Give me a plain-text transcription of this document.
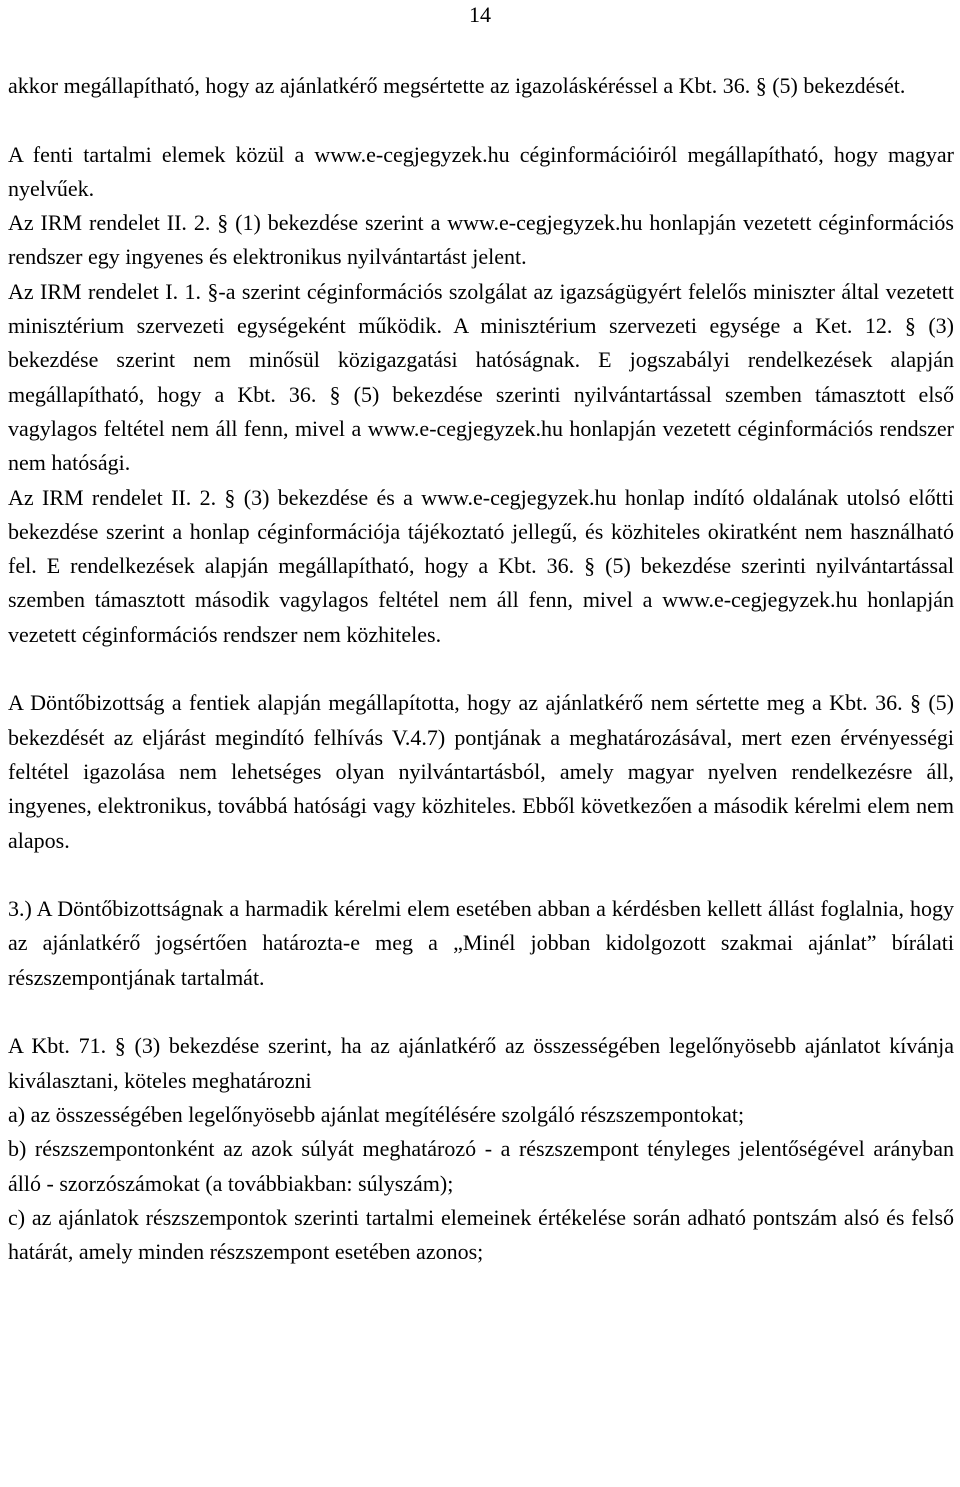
14

akkor megállapítható, hogy az ajánlatkérő megsértette az igazoláskéréssel a Kbt. 36. § (5) bekezdését.

A fenti tartalmi elemek közül a www.e-cegjegyzek.hu céginformációiról megállapítható, hogy magyar nyelvűek.

Az IRM rendelet II. 2. § (1) bekezdése szerint a www.e-cegjegyzek.hu honlapján vezetett céginformációs rendszer egy ingyenes és elektronikus nyilvántartást jelent.

Az IRM rendelet I. 1. §-a szerint céginformációs szolgálat az igazságügyért felelős miniszter által vezetett minisztérium szervezeti egységeként működik. A minisztérium szervezeti egysége a Ket. 12. § (3) bekezdése szerint nem minősül közigazgatási hatóságnak. E jogszabályi rendelkezések alapján megállapítható, hogy a Kbt. 36. § (5) bekezdése szerinti nyilvántartással szemben támasztott első vagylagos feltétel nem áll fenn, mivel a www.e-cegjegyzek.hu honlapján vezetett céginformációs rendszer nem hatósági.

Az IRM rendelet II. 2. § (3) bekezdése és a www.e-cegjegyzek.hu honlap indító oldalának utolsó előtti bekezdése szerint a honlap céginformációja tájékoztató jellegű, és közhiteles okiratként nem használható fel. E rendelkezések alapján megállapítható, hogy a Kbt. 36. § (5) bekezdése szerinti nyilvántartással szemben támasztott második vagylagos feltétel nem áll fenn, mivel a www.e-cegjegyzek.hu honlapján vezetett céginformációs rendszer nem közhiteles.

A Döntőbizottság a fentiek alapján megállapította, hogy az ajánlatkérő nem sértette meg a Kbt. 36. § (5) bekezdését az eljárást megindító felhívás V.4.7) pontjának a meghatározásával, mert ezen érvényességi feltétel igazolása nem lehetséges olyan nyilvántartásból, amely magyar nyelven rendelkezésre áll, ingyenes, elektronikus, továbbá hatósági vagy közhiteles. Ebből következően a második kérelmi elem nem alapos.

3.) A Döntőbizottságnak a harmadik kérelmi elem esetében abban a kérdésben kellett állást foglalnia, hogy az ajánlatkérő jogsértően határozta-e meg a „Minél jobban kidolgozott szakmai ajánlat” bírálati részszempontjának tartalmát.

A Kbt. 71. § (3) bekezdése szerint, ha az ajánlatkérő az összességében legelőnyösebb ajánlatot kívánja kiválasztani, köteles meghatározni

a) az összességében legelőnyösebb ajánlat megítélésére szolgáló részszempontokat;

b) részszempontonként az azok súlyát meghatározó - a részszempont tényleges jelentőségével arányban álló - szorzószámokat (a továbbiakban: súlyszám);

c) az ajánlatok részszempontok szerinti tartalmi elemeinek értékelése során adható pontszám alsó és felső határát, amely minden részszempont esetében azonos;
